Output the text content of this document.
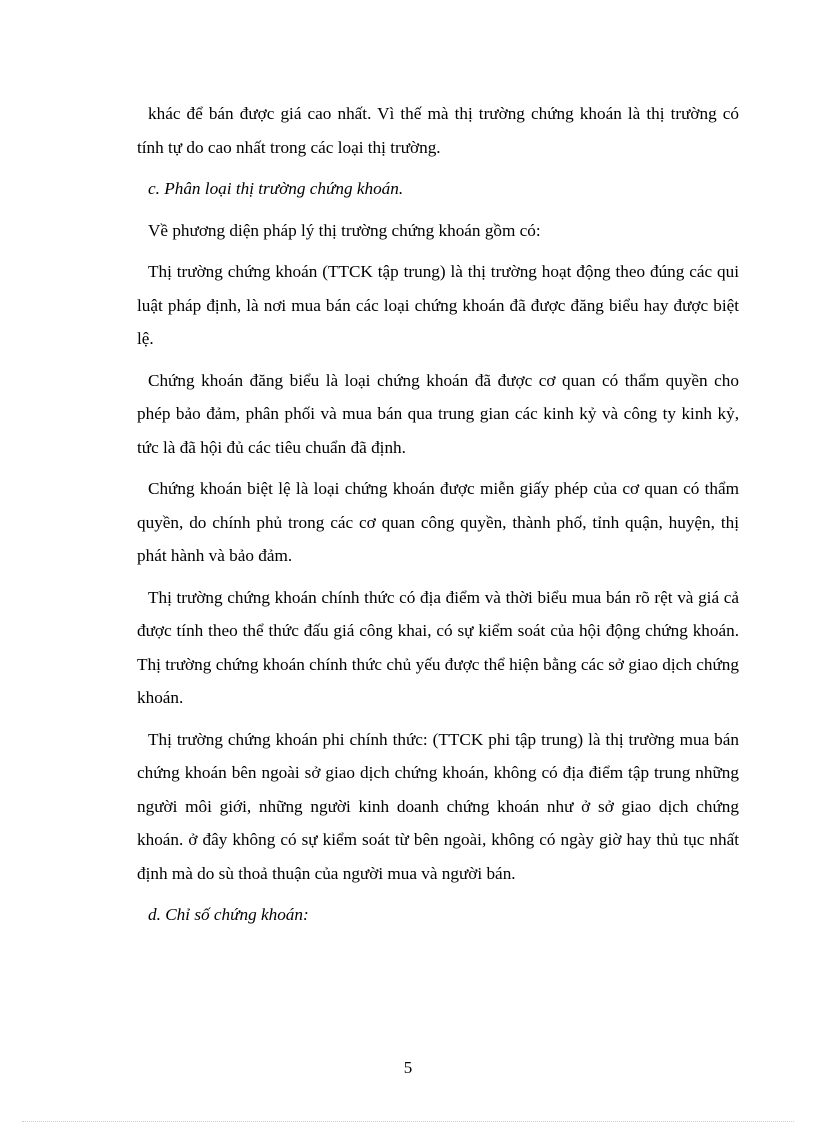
khác để bán được giá cao nhất. Vì thế mà thị trường chứng khoán là thị trường có tính tự do cao nhất trong các loại thị trường.

c. Phân loại thị trường chứng khoán.

Về phương diện pháp lý thị trường chứng khoán gồm có:

Thị trường chứng khoán (TTCK tập trung) là thị trường hoạt động theo đúng các qui luật pháp định, là nơi mua bán các loại chứng khoán đã được đăng biểu hay được biệt lệ.

Chứng khoán đăng biểu là loại chứng khoán đã được cơ quan có thẩm quyền cho phép bảo đảm, phân phối và mua bán qua trung gian các kinh kỷ và công ty kinh kỷ, tức là đã hội đủ các tiêu chuẩn đã định.

Chứng khoán biệt lệ là loại chứng khoán được miễn giấy phép của cơ quan có thẩm quyền, do chính phủ trong các cơ quan công quyền, thành phố, tỉnh quận, huyện, thị phát hành và bảo đảm.

Thị trường chứng khoán chính thức có địa điểm và thời biểu mua bán rõ rệt và giá cả được tính theo thể thức đấu giá công khai, có sự kiểm soát của hội động chứng khoán. Thị trường chứng khoán chính thức chủ yếu được thể hiện bằng các sở giao dịch chứng khoán.

Thị trường chứng khoán phi chính thức: (TTCK phi tập trung) là thị trường mua bán chứng khoán bên ngoài sở giao dịch chứng khoán, không có địa điểm tập trung những người môi giới, những người kinh doanh chứng khoán như ở sở giao dịch chứng khoán. ở đây không có sự kiểm soát từ bên ngoài, không có ngày giờ hay thủ tục nhất định mà do sù thoả thuận của người mua và người bán.

d. Chỉ số chứng khoán:

5
